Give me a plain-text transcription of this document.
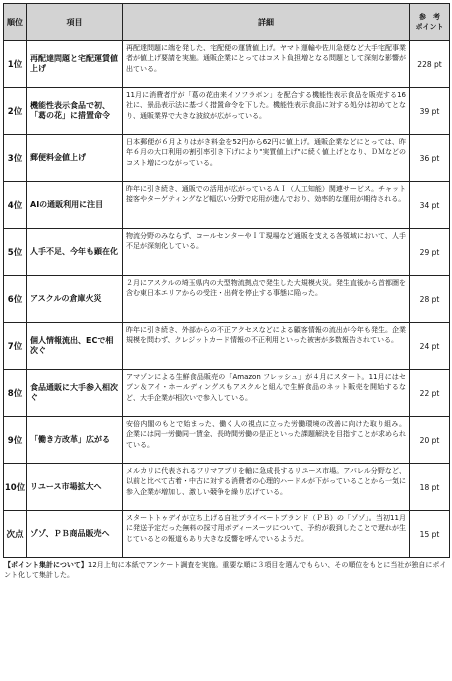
順位	項目	詳細	参　考
ポイント
1位	再配達問題と宅配運賃値上げ	再配達問題に端を発した、宅配便の運賃値上げ。ヤマト運輸や佐川急便など大手宅配事業者が値上げ要請を実施。通販企業にとってはコスト負担増となる問題として深刻な影響が出ている。	228 pt
2位	機能性表示食品で初、「葛の花」に措置命令	11月に消費者庁が「葛の花由来イソフラボン」を配合する機能性表示食品を販売する16社に、景品表示法に基づく措置命令を下した。機能性表示食品に対する処分は初めてとなり、通販業界で大きな波紋が広がっている。	39 pt
3位	郵便料金値上げ	日本郵便が６月よりはがき料金を52円から62円に値上げ。通販企業などにとっては、昨年６月の大口利用の割引率引き下げにより"実質値上げ"に続く値上げとなり、ＤＭなどのコスト増につながっている。	36 pt
4位	AIの通販利用に注目	昨年に引き続き、通販での活用が広がっているＡＩ（人工知能）関連サービス。チャット接客やターゲティングなど幅広い分野で応用が進んでおり、効率的な運用が期待される。	34 pt
5位	人手不足、今年も顕在化	物流分野のみならず、コールセンターやＩＴ現場など通販を支える各領域において、人手不足が深刻化している。	29 pt
6位	アスクルの倉庫火災	２月にアスクルの埼玉県内の大型物流拠点で発生した大規模火災。発生直後から首都圏を含む東日本エリアからの受注・出荷を停止する事態に陥った。	28 pt
7位	個人情報流出、ECで相次ぐ	昨年に引き続き、外部からの不正アクセスなどによる顧客情報の流出が今年も発生。企業規模を問わず、クレジットカード情報の不正利用といった被害が多数報告されている。	24 pt
8位	食品通販に大手参入相次ぐ	アマゾンによる生鮮食品販売の「Amazon フレッシュ」が４月にスタート。11月にはセブン＆アイ・ホールディングスもアスクルと組んで生鮮食品のネット販売を開始するなど、大手企業が相次いで参入している。	22 pt
9位	「働き方改革」広がる	安倍内閣のもとで始まった、働く人の視点に立った労働環境の改善に向けた取り組み。企業には同一労働同一賃金、長時間労働の是正といった課題解決を目指すことが求められている。	20 pt
10位	リユース市場拡大へ	メルカリに代表されるフリマアプリを軸に急成長するリユース市場。アパレル分野など、以前と比べて古着・中古に対する消費者の心理的ハードルが下がっていることから一気に参入企業が増加し、激しい競争を繰り広げている。	18 pt
次点	ゾゾ、ＰＢ商品販売へ	スタートトゥデイが立ち上げる自社プライベートブランド（ＰＢ）の「ゾゾ」。当初11月に発送予定だった無料の採寸用ボディースーツについて、予約が殺到したことで遅れが生じているとの報道もあり大きな反響を呼んでいるようだ。	15 pt
【ポイント集計について】12月上旬に本紙でアンケート調査を実施。重要な順に３項目を選んでもらい、その順位をもとに当社が独自にポイント化して集計した。
